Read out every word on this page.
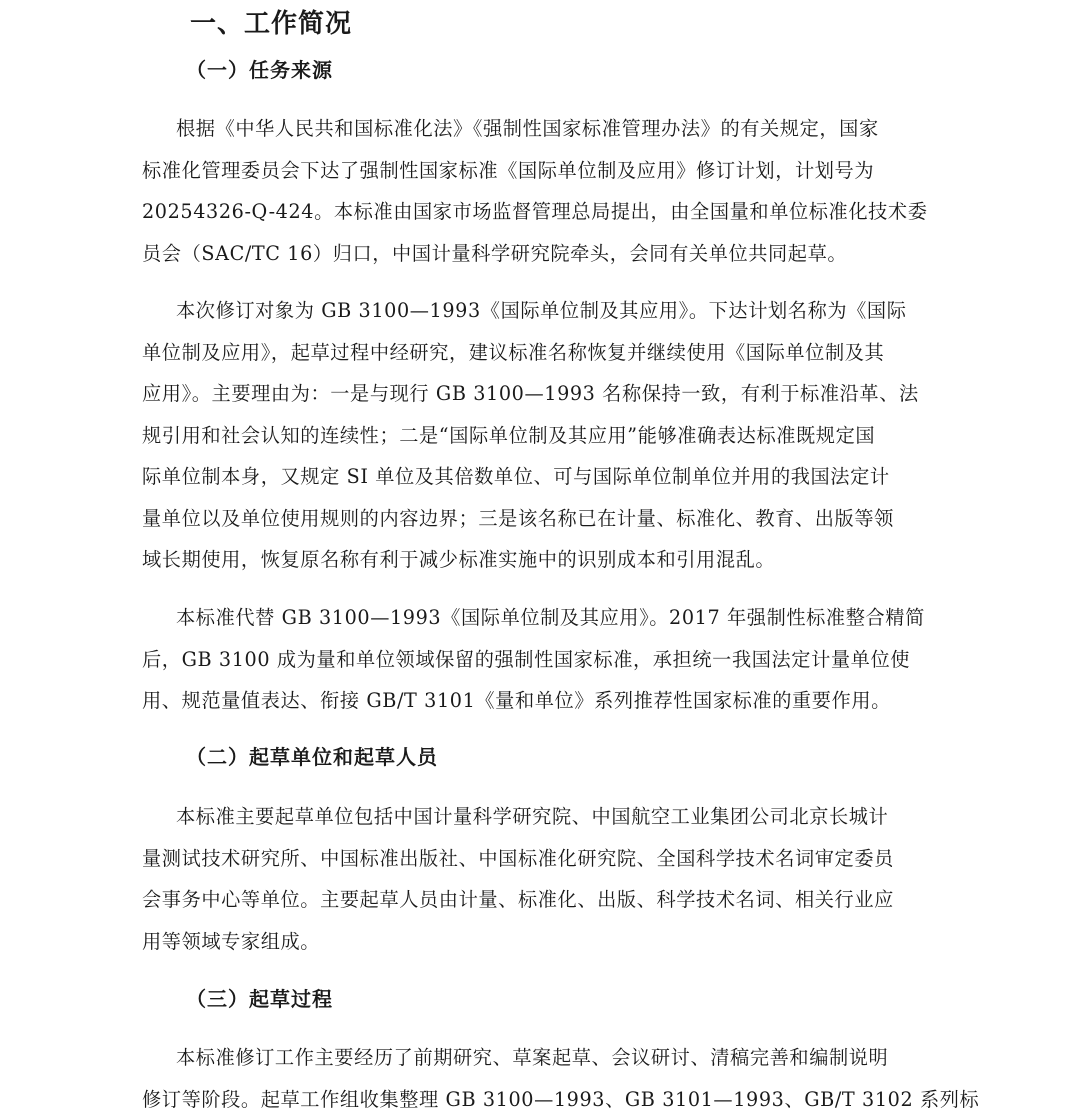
一、工作简况
（一）任务来源
根据《中华人民共和国标准化法》《强制性国家标准管理办法》的有关规定，国家
标准化管理委员会下达了强制性国家标准《国际单位制及应用》修订计划，计划号为
20254326-Q-424。本标准由国家市场监督管理总局提出，由全国量和单位标准化技术委
员会（SAC/TC 16）归口，中国计量科学研究院牵头，会同有关单位共同起草。
本次修订对象为 GB 3100—1993《国际单位制及其应用》。下达计划名称为《国际
单位制及应用》，起草过程中经研究，建议标准名称恢复并继续使用《国际单位制及其
应用》。主要理由为：一是与现行 GB 3100—1993 名称保持一致，有利于标准沿革、法
规引用和社会认知的连续性；二是“国际单位制及其应用”能够准确表达标准既规定国
际单位制本身，又规定 SI 单位及其倍数单位、可与国际单位制单位并用的我国法定计
量单位以及单位使用规则的内容边界；三是该名称已在计量、标准化、教育、出版等领
域长期使用，恢复原名称有利于减少标准实施中的识别成本和引用混乱。
本标准代替 GB 3100—1993《国际单位制及其应用》。2017 年强制性标准整合精简
后，GB 3100 成为量和单位领域保留的强制性国家标准，承担统一我国法定计量单位使
用、规范量值表达、衔接 GB/T 3101《量和单位》系列推荐性国家标准的重要作用。
（二）起草单位和起草人员
本标准主要起草单位包括中国计量科学研究院、中国航空工业集团公司北京长城计
量测试技术研究所、中国标准出版社、中国标准化研究院、全国科学技术名词审定委员
会事务中心等单位。主要起草人员由计量、标准化、出版、科学技术名词、相关行业应
用等领域专家组成。
（三）起草过程
本标准修订工作主要经历了前期研究、草案起草、会议研讨、清稿完善和编制说明
修订等阶段。起草工作组收集整理 GB 3100—1993、GB 3101—1993、GB/T 3102 系列标
